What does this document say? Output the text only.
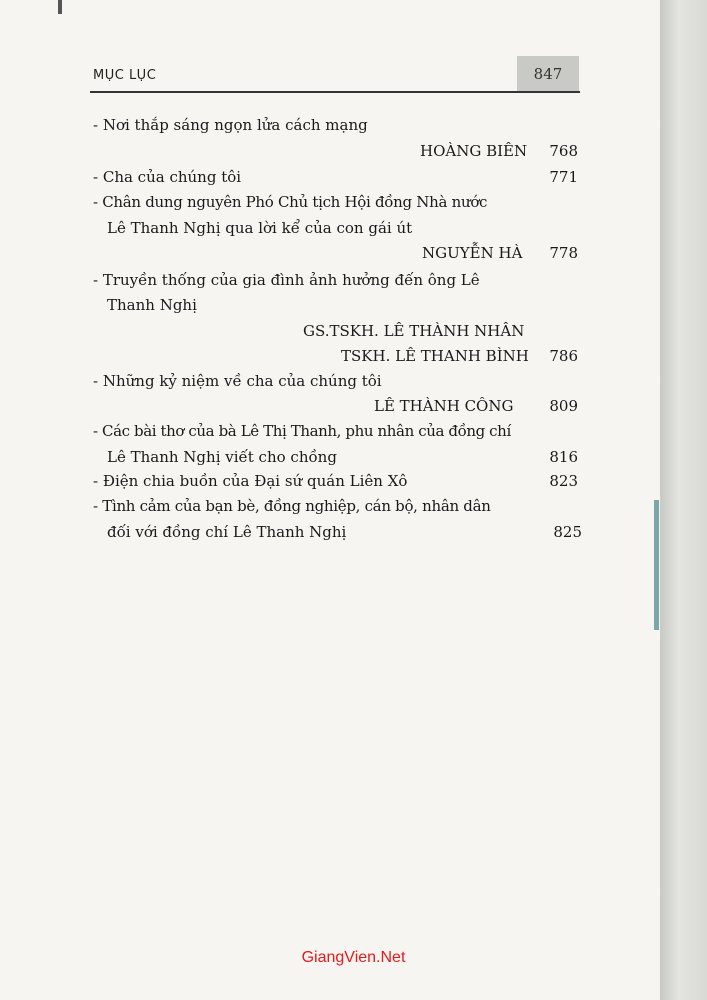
MỤC LỤC	847
- Nơi thắp sáng ngọn lửa cách mạng
HOÀNG BIÊN	768
- Cha của chúng tôi	771
- Chân dung nguyên Phó Chủ tịch Hội đồng Nhà nước
Lê Thanh Nghị qua lời kể của con gái út
NGUYỄN HÀ	778
- Truyền thống của gia đình ảnh hưởng đến ông Lê
Thanh Nghị
GS.TSKH. LÊ THÀNH NHÂN
TSKH. LÊ THANH BÌNH	786
- Những kỷ niệm về cha của chúng tôi
LÊ THÀNH CÔNG	809
- Các bài thơ của bà Lê Thị Thanh, phu nhân của đồng chí
Lê Thanh Nghị viết cho chồng	816
- Điện chia buồn của Đại sứ quán Liên Xô	823
- Tình cảm của bạn bè, đồng nghiệp, cán bộ, nhân dân
đối với đồng chí Lê Thanh Nghị	825
GiangVien.Net
